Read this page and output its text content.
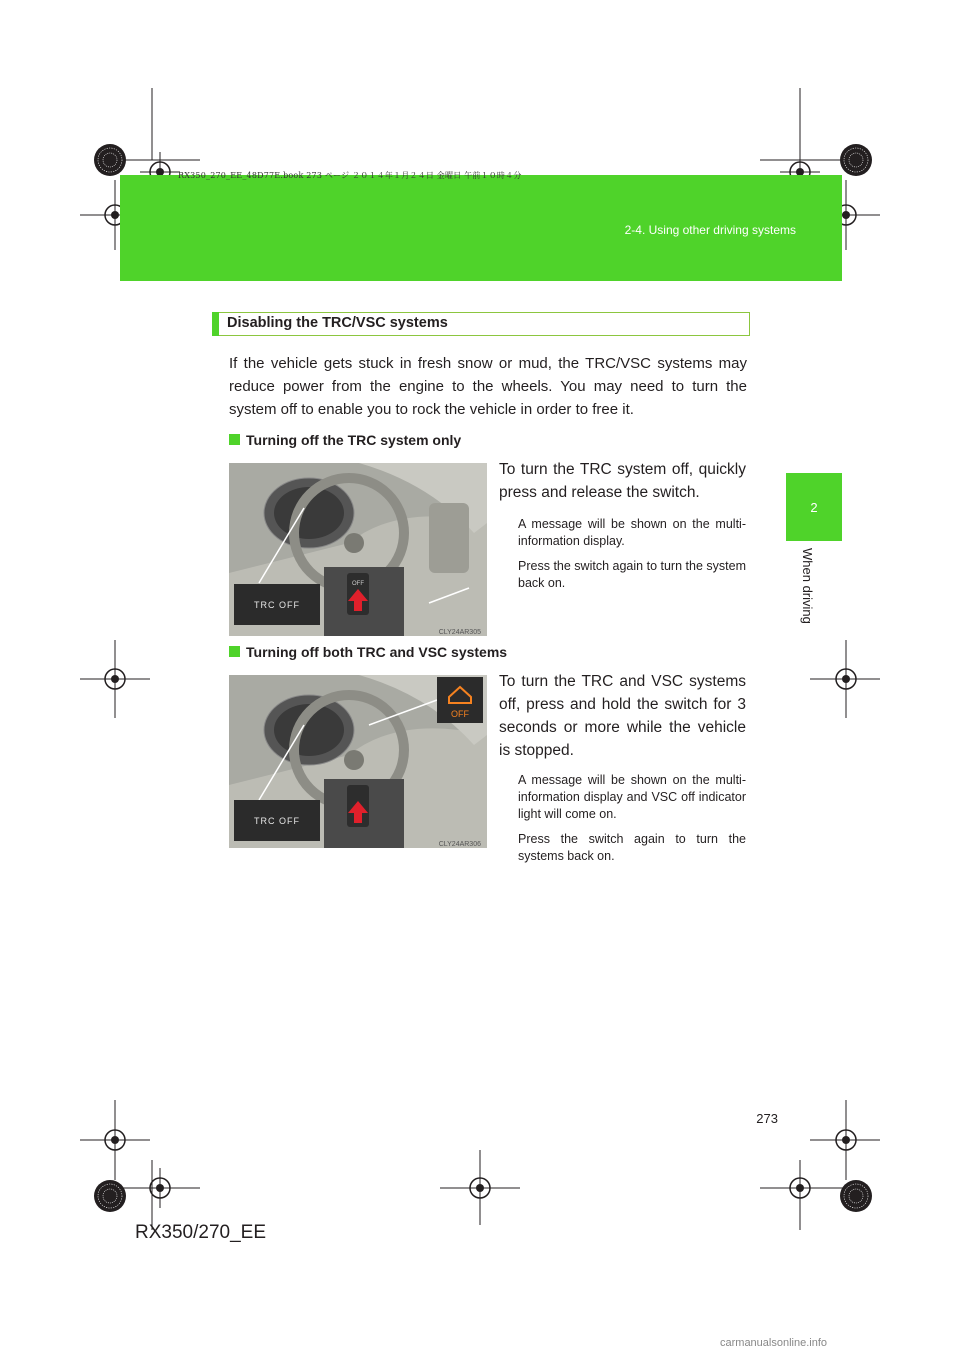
RX350_270_EE_48D77E.book 273 ページ ２０１４年１月２４日 金曜日 午前１０時４分
2-4. Using other driving systems
2
When driving
Disabling the TRC/VSC systems

If the vehicle gets stuck in fresh snow or mud, the TRC/VSC systems may reduce power from the engine to the wheels. You may need to turn the system off to enable you to rock the vehicle in order to free it.

Turning off the TRC system only
OFF
TRC OFF
CLY24AR305

To turn the TRC system off, quickly press and release the switch.

A message will be shown on the multi-information display.

Press the switch again to turn the system back on.

Turning off both TRC and VSC systems
OFF
TRC OFF
CLY24AR306

To turn the TRC and VSC systems off, press and hold the switch for 3 seconds or more while the vehicle is stopped.

A message will be shown on the multi- information display and VSC off indicator light will come on.

Press the switch again to turn the systems back on.

273
RX350/270_EE
carmanualsonline.info
